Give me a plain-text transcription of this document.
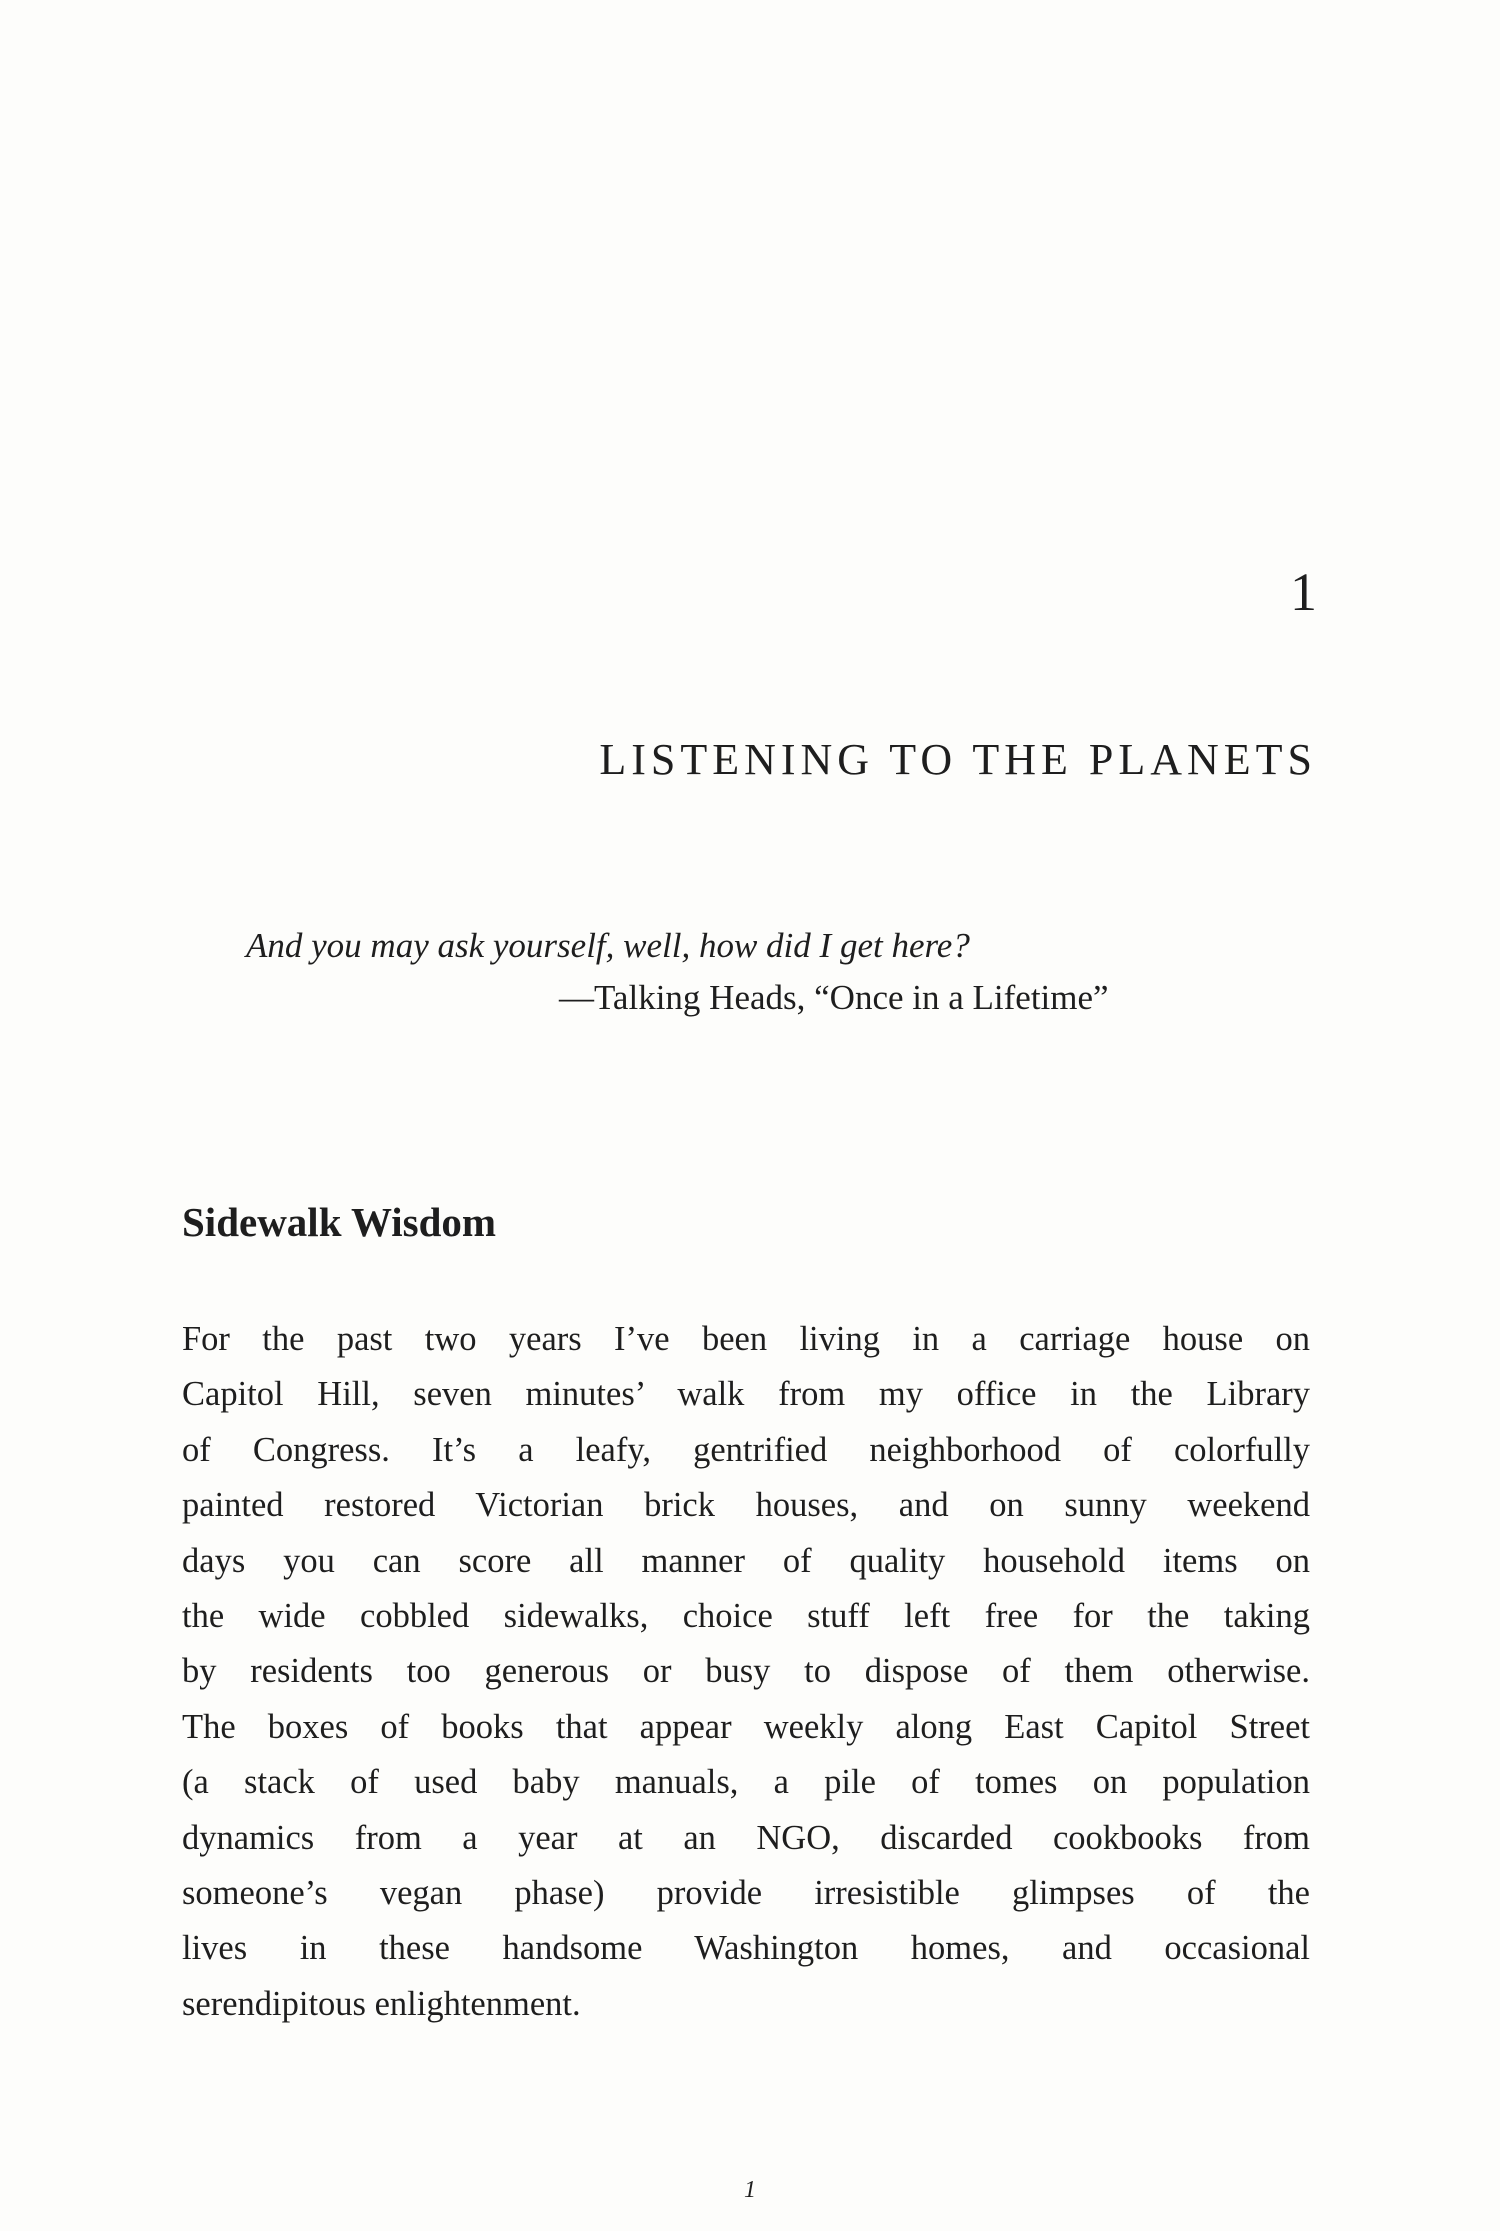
1
LISTENING TO THE PLANETS
And you may ask yourself, well, how did I get here?
—Talking Heads, “Once in a Lifetime”
Sidewalk Wisdom
For the past two years I’ve been living in a carriage house on
Capitol Hill, seven minutes’ walk from my office in the Library
of Congress. It’s a leafy, gentrified neighborhood of colorfully
painted restored Victorian brick houses, and on sunny weekend
days you can score all manner of quality household items on
the wide cobbled sidewalks, choice stuff left free for the taking
by residents too generous or busy to dispose of them otherwise.
The boxes of books that appear weekly along East Capitol Street
(a stack of used baby manuals, a pile of tomes on population
dynamics from a year at an NGO, discarded cookbooks from
someone’s vegan phase) provide irresistible glimpses of the
lives in these handsome Washington homes, and occasional
serendipitous enlightenment.
1
